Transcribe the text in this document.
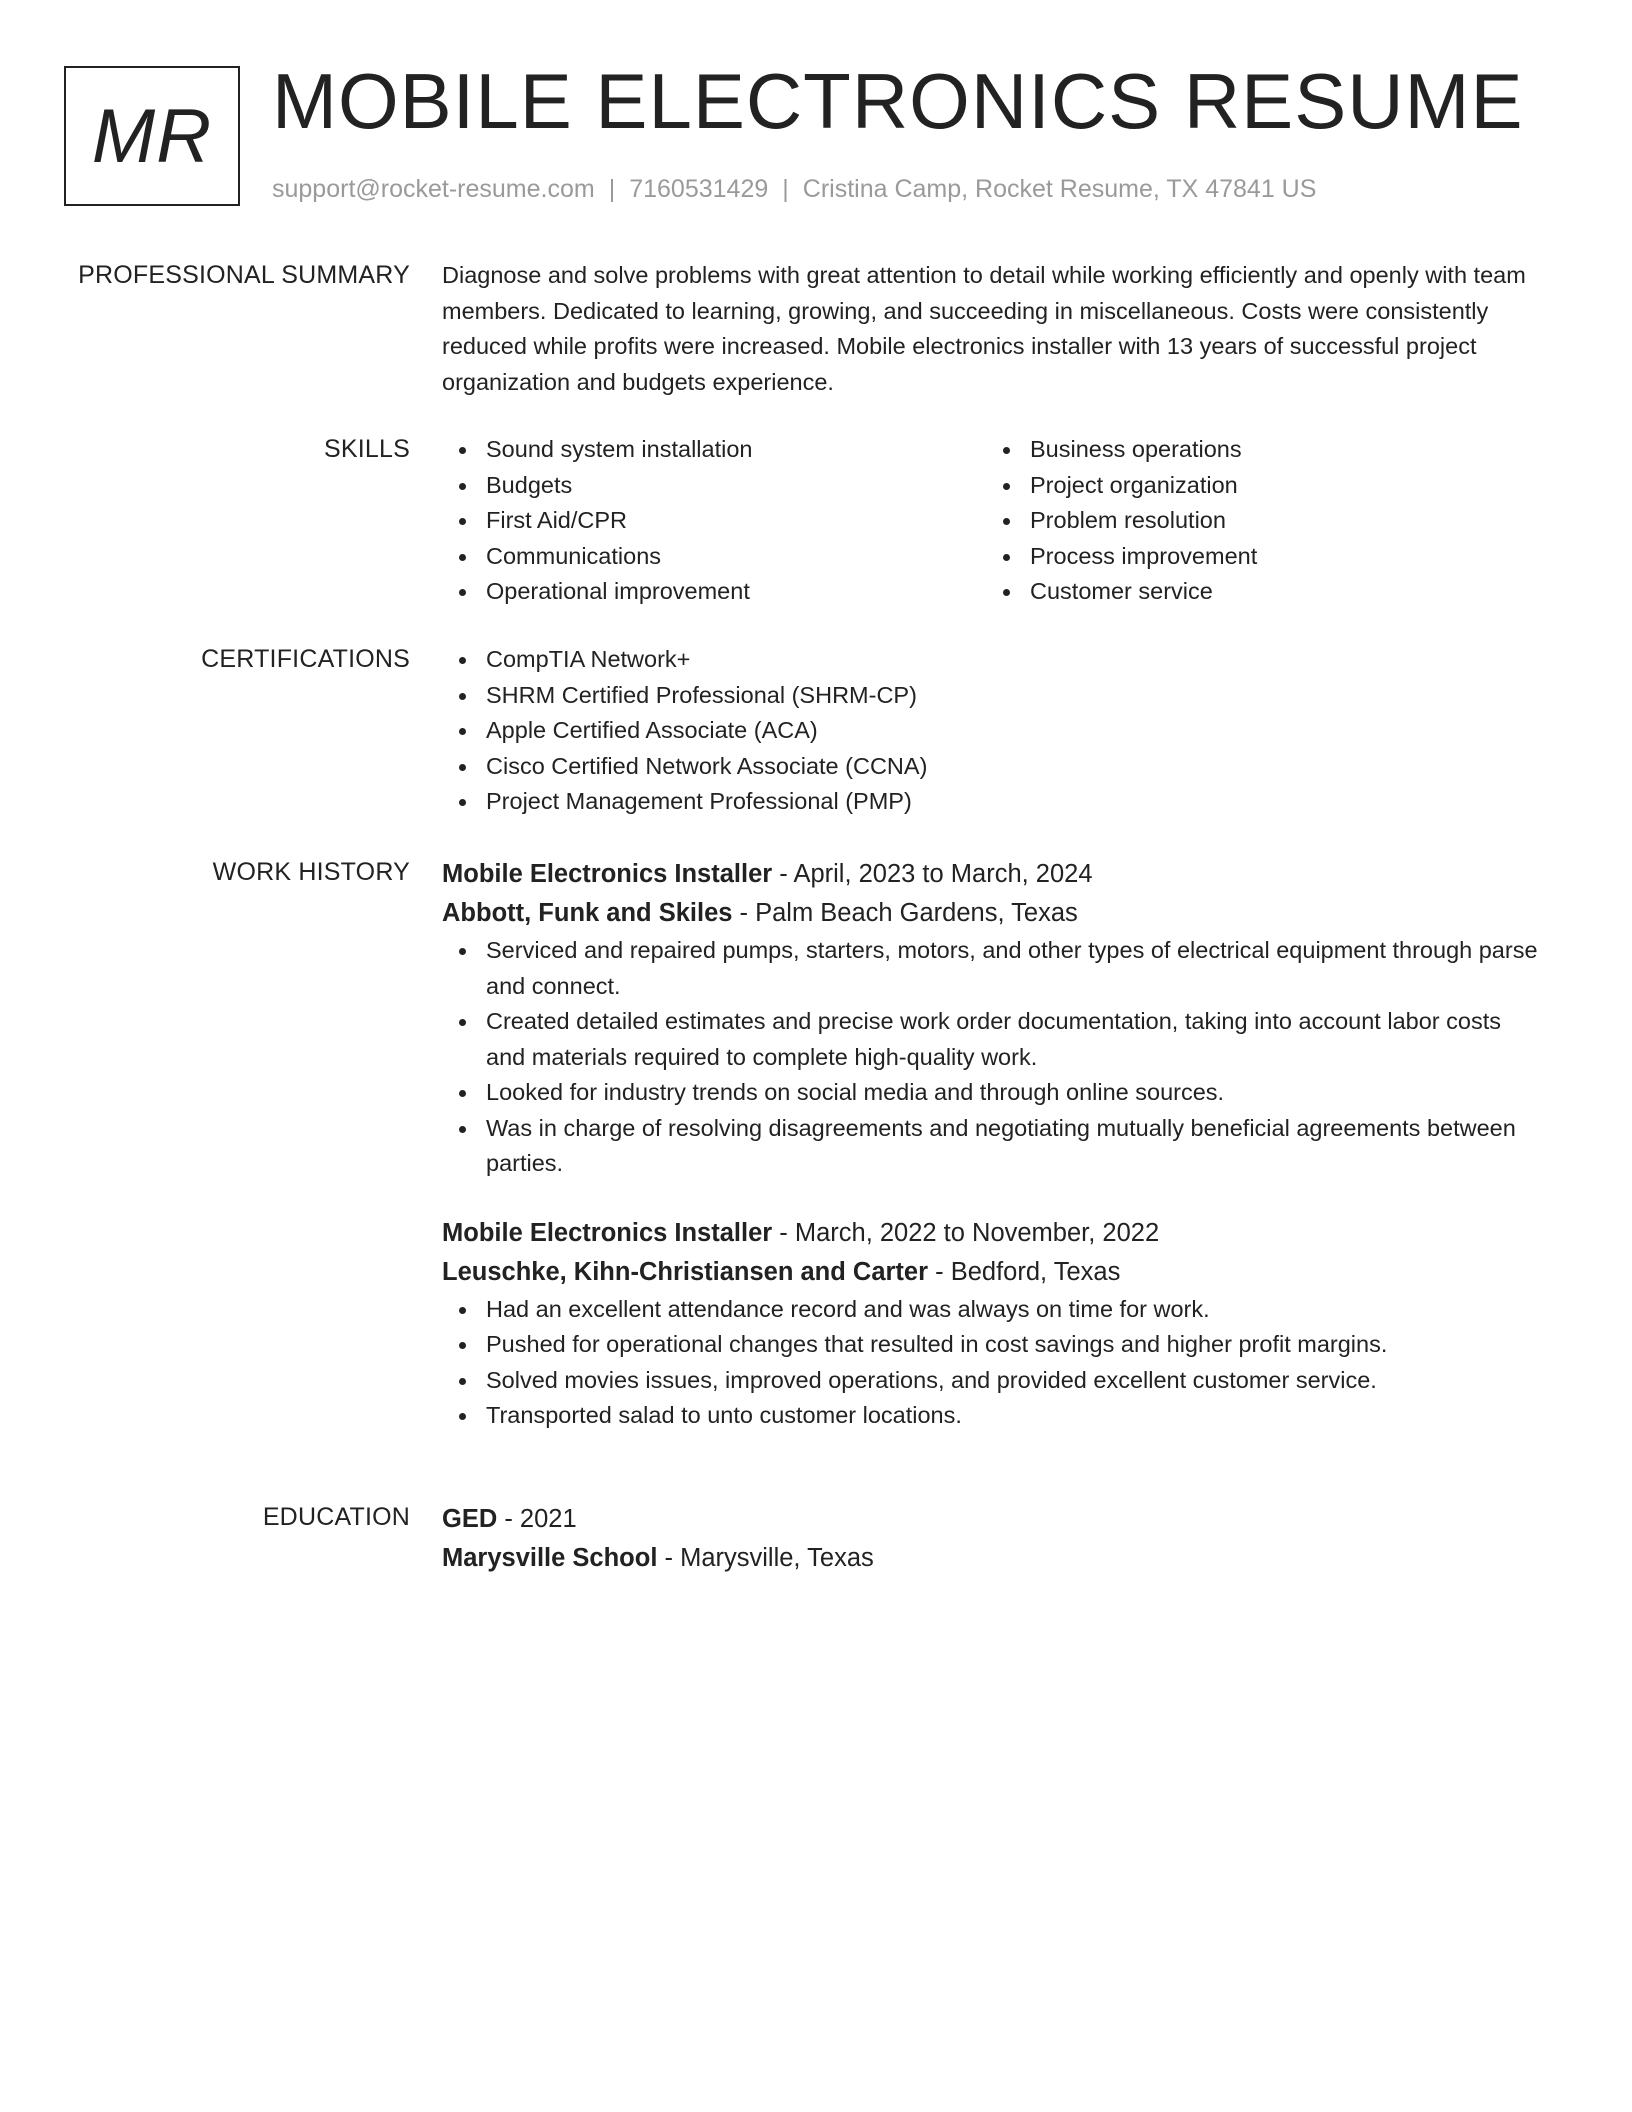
MR MOBILE ELECTRONICS RESUME
support@rocket-resume.com | 7160531429 | Cristina Camp, Rocket Resume, TX 47841 US
PROFESSIONAL SUMMARY Diagnose and solve problems with great attention to detail while working efficiently and openly with team members. Dedicated to learning, growing, and succeeding in miscellaneous. Costs were consistently reduced while profits were increased. Mobile electronics installer with 13 years of successful project organization and budgets experience.

SKILLS	Sound system installation
Budgets
First Aid/CPR
Communications
Operational improvement
Business operations
Project organization
Problem resolution
Process improvement
Customer service
CERTIFICATIONS	CompTIA Network+
SHRM Certified Professional (SHRM-CP)
Apple Certified Associate (ACA)
Cisco Certified Network Associate (CCNA)
Project Management Professional (PMP)
WORK HISTORY Mobile Electronics Installer - April, 2023 to March, 2024
Abbott, Funk and Skiles - Palm Beach Gardens, Texas
Serviced and repaired pumps, starters, motors, and other types of electrical equipment through parse and connect.
Created detailed estimates and precise work order documentation, taking into account labor costs and materials required to complete high-quality work.
Looked for industry trends on social media and through online sources.
Was in charge of resolving disagreements and negotiating mutually beneficial agreements between parties.
Mobile Electronics Installer - March, 2022 to November, 2022
Leuschke, Kihn-Christiansen and Carter - Bedford, Texas
Had an excellent attendance record and was always on time for work.
Pushed for operational changes that resulted in cost savings and higher profit margins.
Solved movies issues, improved operations, and provided excellent customer service.
Transported salad to unto customer locations.
EDUCATION GED - 2021
Marysville School - Marysville, Texas
